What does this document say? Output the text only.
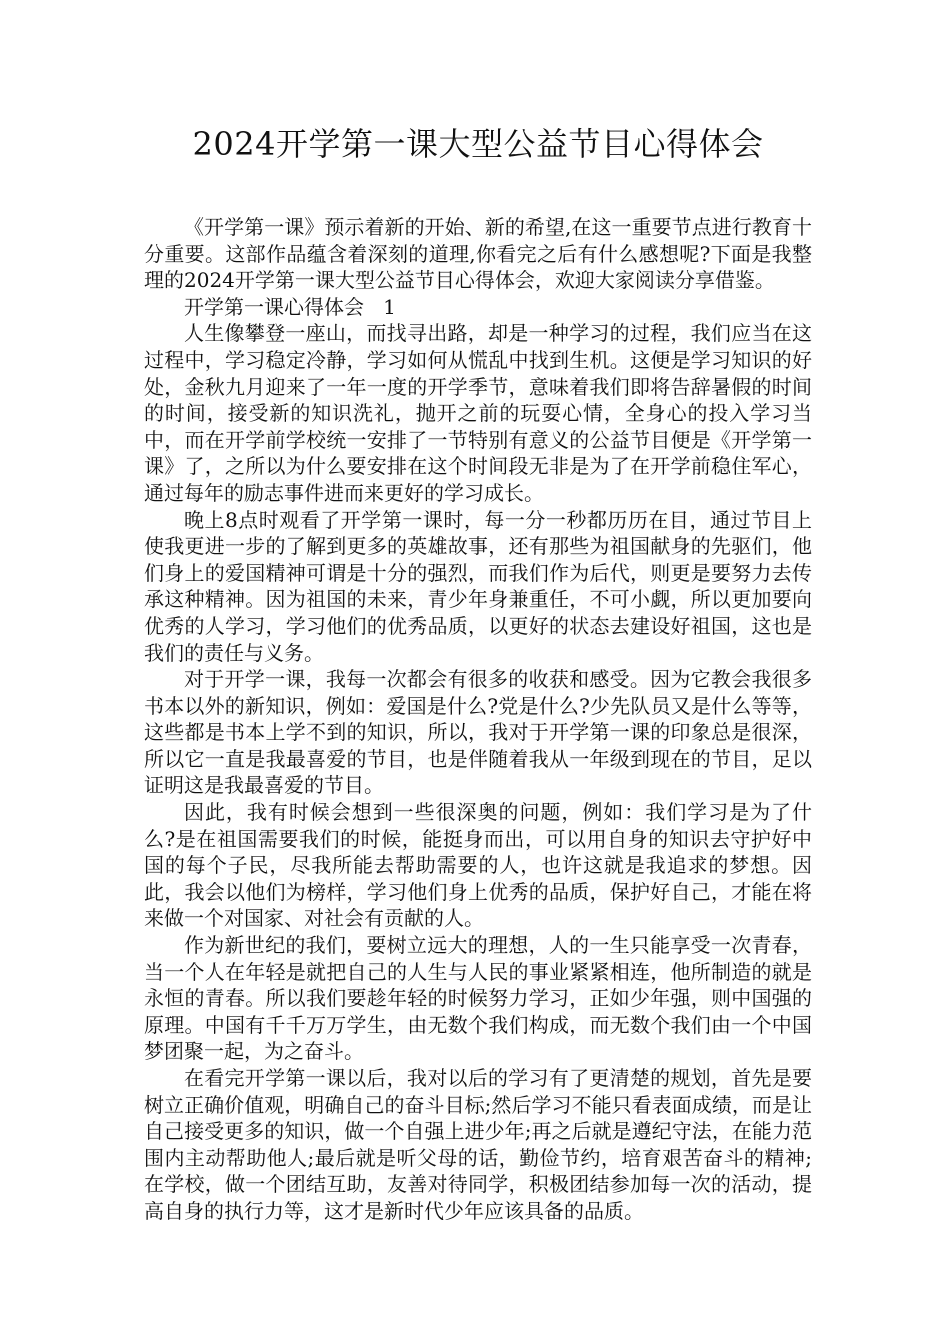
2024开学第一课大型公益节目心得体会

《开学第一课》预示着新的开始、新的希望,在这一重要节点进行教育十分重要。这部作品蕴含着深刻的道理,你看完之后有什么感想呢?下面是我整理的2024开学第一课大型公益节目心得体会，欢迎大家阅读分享借鉴。

开学第一课心得体会   1

人生像攀登一座山，而找寻出路，却是一种学习的过程，我们应当在这过程中，学习稳定冷静，学习如何从慌乱中找到生机。这便是学习知识的好处，金秋九月迎来了一年一度的开学季节，意味着我们即将告辞暑假的时间的时间，接受新的知识洗礼，抛开之前的玩耍心情，全身心的投入学习当中，而在开学前学校统一安排了一节特别有意义的公益节目便是《开学第一课》了，之所以为什么要安排在这个时间段无非是为了在开学前稳住军心，通过每年的励志事件进而来更好的学习成长。

晚上8点时观看了开学第一课时，每一分一秒都历历在目，通过节目上使我更进一步的了解到更多的英雄故事，还有那些为祖国献身的先驱们，他们身上的爱国精神可谓是十分的强烈，而我们作为后代，则更是要努力去传承这种精神。因为祖国的未来，青少年身兼重任，不可小觑，所以更加要向优秀的人学习，学习他们的优秀品质，以更好的状态去建设好祖国，这也是我们的责任与义务。

对于开学一课，我每一次都会有很多的收获和感受。因为它教会我很多书本以外的新知识，例如：爱国是什么?党是什么?少先队员又是什么等等，这些都是书本上学不到的知识，所以，我对于开学第一课的印象总是很深，所以它一直是我最喜爱的节目，也是伴随着我从一年级到现在的节目，足以证明这是我最喜爱的节目。

因此，我有时候会想到一些很深奥的问题，例如：我们学习是为了什么?是在祖国需要我们的时候，能挺身而出，可以用自身的知识去守护好中国的每个子民，尽我所能去帮助需要的人，也许这就是我追求的梦想。因此，我会以他们为榜样，学习他们身上优秀的品质，保护好自己，才能在将来做一个对国家、对社会有贡献的人。

作为新世纪的我们，要树立远大的理想，人的一生只能享受一次青春，当一个人在年轻是就把自己的人生与人民的事业紧紧相连，他所制造的就是永恒的青春。所以我们要趁年轻的时候努力学习，正如少年强，则中国强的原理。中国有千千万万学生，由无数个我们构成，而无数个我们由一个中国梦团聚一起，为之奋斗。

在看完开学第一课以后，我对以后的学习有了更清楚的规划，首先是要树立正确价值观，明确自己的奋斗目标;然后学习不能只看表面成绩，而是让自己接受更多的知识，做一个自强上进少年;再之后就是遵纪守法，在能力范围内主动帮助他人;最后就是听父母的话，勤俭节约，培育艰苦奋斗的精神;在学校，做一个团结互助，友善对待同学，积极团结参加每一次的活动，提高自身的执行力等，这才是新时代少年应该具备的品质。
